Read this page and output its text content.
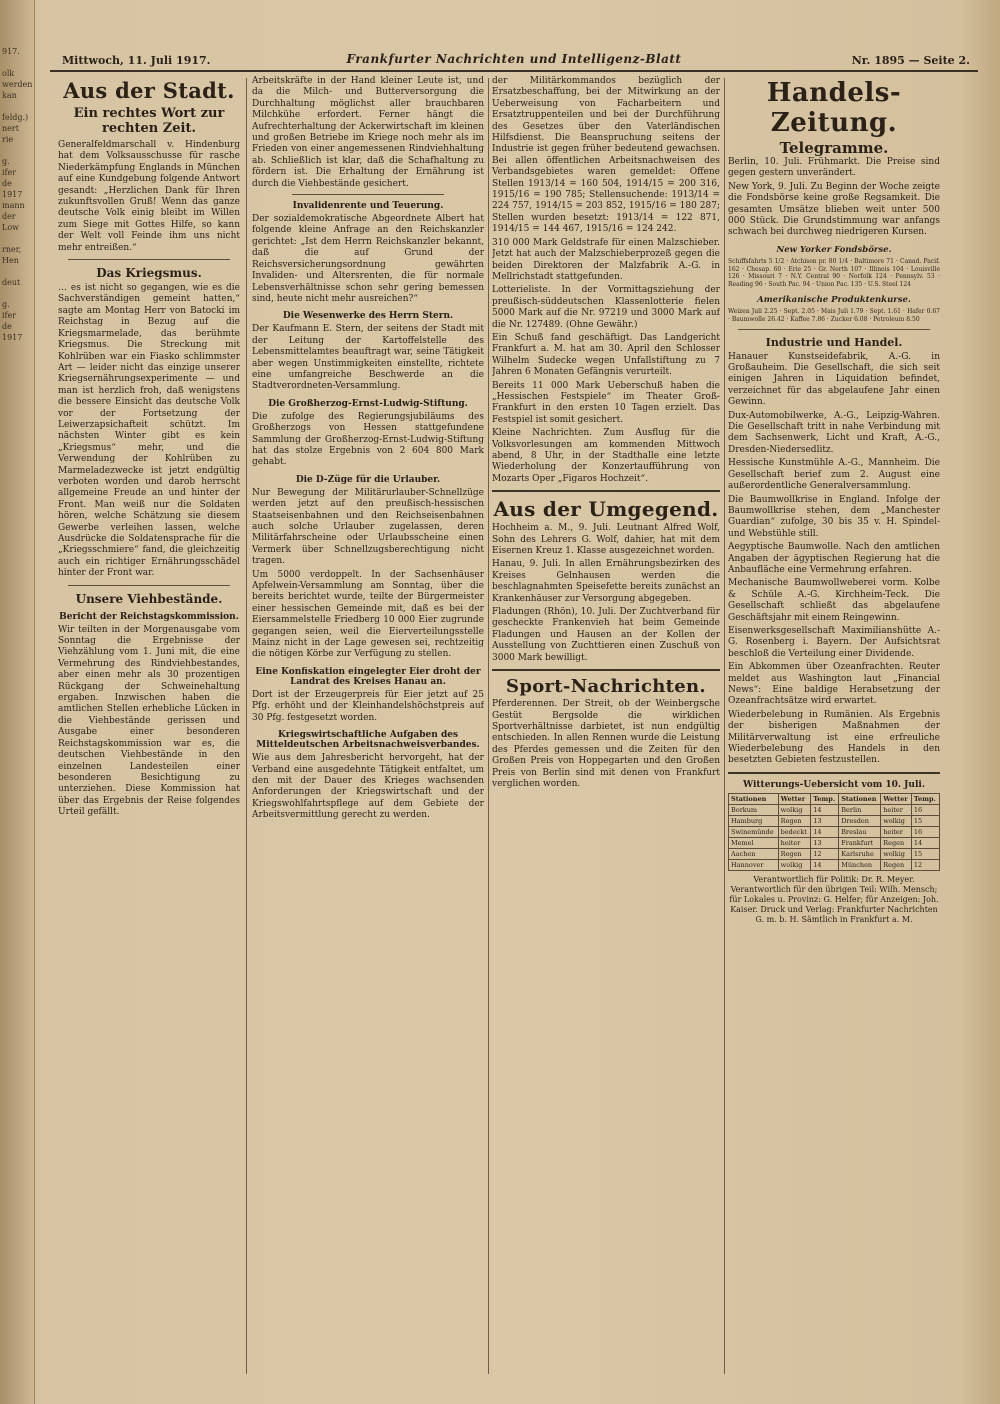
917.

olk
werden
kan

feldg.)
nert
rie

g.
ifer
de
1917
mann
der
Low

rner,
Hen

deut

g.
ifer
de
1917
Mittwoch, 11. Juli 1917.	Frankfurter Nachrichten und Intelligenz-Blatt	Nr. 1895 — Seite 2.
Aus der Stadt.
Ein rechtes Wort zur rechten Zeit.
Generalfeldmarschall v. Hindenburg hat dem Volksausschusse für rasche Niederkämpfung Englands in München auf eine Kundgebung folgende Antwort gesandt: „Herzlichen Dank für Ihren zukunftsvollen Gruß! Wenn das ganze deutsche Volk einig bleibt im Willen zum Siege mit Gottes Hilfe, so kann der Welt voll Feinde ihm uns nicht mehr entreißen.“
Das Kriegsmus.
… es ist nicht so gegangen, wie es die Sachverständigen gemeint hatten,“ sagte am Montag Herr von Batocki im Reichstag in Bezug auf die Kriegsmarmelade, das berühmte Kriegsmus. Die Streckung mit Kohlrüben war ein Fiasko schlimmster Art — leider nicht das einzige unserer Kriegsernährungsexperimente — und man ist herzlich froh, daß wenigstens die bessere Einsicht das deutsche Volk vor der Fortsetzung der Leiwerzapsichafteit schützt. Im nächsten Winter gibt es kein „Kriegsmus“ mehr, und die Verwendung der Kohlrüben zu Marmeladezwecke ist jetzt endgültig verboten worden und darob herrscht allgemeine Freude an und hinter der Front. Man weiß nur die Soldaten hören, welche Schätzung sie diesem Gewerbe verleihen lassen, welche Ausdrücke die Soldatensprache für die „Kriegsschmiere“ fand, die gleichzeitig auch ein richtiger Ernährungsschädel hinter der Front war.
Unsere Viehbestände.
Bericht der Reichstagskommission.
Wir teilten in der Morgenausgabe vom Sonntag die Ergebnisse der Viehzählung vom 1. Juni mit, die eine Vermehrung des Rindviehbestandes, aber einen mehr als 30 prozentigen Rückgang der Schweinehaltung ergaben. Inzwischen haben die amtlichen Stellen erhebliche Lücken in die Viehbestände gerissen und Ausgabe einer besonderen Reichstagskommission war es, die deutschen Viehbestände in den einzelnen Landesteilen einer besonderen Besichtigung zu unterziehen. Diese Kommission hat über das Ergebnis der Reise folgendes Urteil gefällt.
Arbeitskräfte in der Hand kleiner Leute ist, und da die Milch- und Butterversorgung die Durchhaltung möglichst aller brauchbaren Milchkühe erfordert. Ferner hängt die Aufrechterhaltung der Ackerwirtschaft im kleinen und großen Betriebe im Kriege noch mehr als im Frieden von einer angemessenen Rindviehhaltung ab. Schließlich ist klar, daß die Schafhaltung zu fördern ist. Die Erhaltung der Ernährung ist durch die Viehbestände gesichert.
Invalidenrente und Teuerung.
Der sozialdemokratische Abgeordnete Albert hat folgende kleine Anfrage an den Reichskanzler gerichtet: „Ist dem Herrn Reichskanzler bekannt, daß die auf Grund der Reichsversicherungsordnung gewährten Invaliden- und Altersrenten, die für normale Lebensverhältnisse schon sehr gering bemessen sind, heute nicht mehr ausreichen?“
Die Wesenwerke des Herrn Stern.
Der Kaufmann E. Stern, der seitens der Stadt mit der Leitung der Kartoffelstelle des Lebensmittelamtes beauftragt war, seine Tätigkeit aber wegen Unstimmigkeiten einstellte, richtete eine umfangreiche Beschwerde an die Stadtverordneten-Versammlung.
Die Großherzog-Ernst-Ludwig-Stiftung.
Die zufolge des Regierungsjubiläums des Großherzogs von Hessen stattgefundene Sammlung der Großherzog-Ernst-Ludwig-Stiftung hat das stolze Ergebnis von 2 604 800 Mark gehabt.
Die D-Züge für die Urlauber.
Nur Bewegung der Militärurlauber-Schnellzüge werden jetzt auf den preußisch-hessischen Staatseisenbahnen und den Reichseisenbahnen auch solche Urlauber zugelassen, deren Militärfahrscheine oder Urlaubsscheine einen Vermerk über Schnellzugsberechtigung nicht tragen.
Um 5000 verdoppelt. In der Sachsenhäuser Apfelwein-Versammlung am Sonntag, über die bereits berichtet wurde, teilte der Bürgermeister einer hessischen Gemeinde mit, daß es bei der Eiersammelstelle Friedberg 10 000 Eier zugrunde gegangen seien, weil die Eierverteilungsstelle Mainz nicht in der Lage gewesen sei, rechtzeitig die nötigen Körbe zur Verfügung zu stellen.
Eine Konfiskation eingelegter Eier droht der Landrat des Kreises Hanau an.
Dort ist der Erzeugerpreis für Eier jetzt auf 25 Pfg. erhöht und der Kleinhandelshöchstpreis auf 30 Pfg. festgesetzt worden.
Kriegswirtschaftliche Aufgaben des Mitteldeutschen Arbeitsnachweisverbandes.
Wie aus dem Jahresbericht hervorgeht, hat der Verband eine ausgedehnte Tätigkeit entfaltet, um den mit der Dauer des Krieges wachsenden Anforderungen der Kriegswirtschaft und der Kriegswohlfahrtspflege auf dem Gebiete der Arbeitsvermittlung gerecht zu werden.
der Militärkommandos bezüglich der Ersatzbeschaffung, bei der Mitwirkung an der Ueberweisung von Facharbeitern und Ersatztruppenteilen und bei der Durchführung des Gesetzes über den Vaterländischen Hilfsdienst. Die Beanspruchung seitens der Industrie ist gegen früher bedeutend gewachsen. Bei allen öffentlichen Arbeitsnachweisen des Verbandsgebietes waren gemeldet: Offene Stellen 1913/14 = 160 504, 1914/15 = 200 316, 1915/16 = 190 785; Stellensuchende: 1913/14 = 224 757, 1914/15 = 203 852, 1915/16 = 180 287; Stellen wurden besetzt: 1913/14 = 122 871, 1914/15 = 144 467, 1915/16 = 124 242.
310 000 Mark Geldstrafe für einen Malzschieber. Jetzt hat auch der Malzschieberprozeß gegen die beiden Direktoren der Malzfabrik A.-G. in Mellrichstadt stattgefunden.
Lotterieliste. In der Vormittagsziehung der preußisch-süddeutschen Klassenlotterie fielen 5000 Mark auf die Nr. 97219 und 3000 Mark auf die Nr. 127489. (Ohne Gewähr.)
Ein Schuß fand geschäftigt. Das Landgericht Frankfurt a. M. hat am 30. April den Schlosser Wilhelm Sudecke wegen Unfallstiftung zu 7 Jahren 6 Monaten Gefängnis verurteilt.
Bereits 11 000 Mark Ueberschuß haben die „Hessischen Festspiele“ im Theater Groß-Frankfurt in den ersten 10 Tagen erzielt. Das Festspiel ist somit gesichert.
Kleine Nachrichten. Zum Ausflug für die Volksvorlesungen am kommenden Mittwoch abend, 8 Uhr, in der Stadthalle eine letzte Wiederholung der Konzertaufführung von Mozarts Oper „Figaros Hochzeit“.
Aus der Umgegend.
Hochheim a. M., 9. Juli. Leutnant Alfred Wolf, Sohn des Lehrers G. Wolf, dahier, hat mit dem Eisernen Kreuz 1. Klasse ausgezeichnet worden.
Hanau, 9. Juli. In allen Ernährungsbezirken des Kreises Gelnhausen werden die beschlagnahmten Speisefette bereits zunächst an Krankenhäuser zur Versorgung abgegeben.
Fladungen (Rhön), 10. Juli. Der Zuchtverband für gescheckte Frankenvieh hat beim Gemeinde Fladungen und Hausen an der Kollen der Ausstellung von Zuchttieren einen Zuschuß von 3000 Mark bewilligt.
Sport-Nachrichten.
Pferderennen. Der Streit, ob der Weinbergsche Gestüt Bergsolde die wirklichen Sportverhältnisse darbietet, ist nun endgültig entschieden. In allen Rennen wurde die Leistung des Pferdes gemessen und die Zeiten für den Großen Preis von Hoppegarten und den Großen Preis von Berlin sind mit denen von Frankfurt verglichen worden.
Handels-Zeitung.
Telegramme.
Berlin, 10. Juli. Frühmarkt. Die Preise sind gegen gestern unverändert.
New York, 9. Juli. Zu Beginn der Woche zeigte die Fondsbörse keine große Regsamkeit. Die gesamten Umsätze blieben weit unter 500 000 Stück. Die Grundstimmung war anfangs schwach bei durchweg niedrigeren Kursen.
New Yorker Fondsbörse.
Schiffsfahrts 5 1/2 · Atchison pr. 80 1/4 · Baltimore 71 · Canad. Pacif. 162 · Chesap. 60 · Erie 25 · Gr. North 107 · Illinois 104 · Louisville 126 · Missouri 7 · N.Y. Central 90 · Norfolk 124 · Pennsylv. 53 · Reading 96 · South Pac. 94 · Union Pac. 135 · U.S. Steel 124
Amerikanische Produktenkurse.
Weizen Juli 2.25 · Sept. 2.05 · Mais Juli 1.79 · Sept. 1.61 · Hafer 0.67 · Baumwolle 26.42 · Kaffee 7.86 · Zucker 6.08 · Petroleum 8.50
Industrie und Handel.
Hanauer Kunstseidefabrik, A.-G. in Großauheim. Die Gesellschaft, die sich seit einigen Jahren in Liquidation befindet, verzeichnet für das abgelaufene Jahr einen Gewinn.
Dux-Automobilwerke, A.-G., Leipzig-Wahren. Die Gesellschaft tritt in nahe Verbindung mit dem Sachsenwerk, Licht und Kraft, A.-G., Dresden-Niedersedlitz.
Hessische Kunstmühle A.-G., Mannheim. Die Gesellschaft berief zum 2. August eine außerordentliche Generalversammlung.
Die Baumwollkrise in England. Infolge der Baumwollkrise stehen, dem „Manchester Guardian“ zufolge, 30 bis 35 v. H. Spindel- und Webstühle still.
Aegyptische Baumwolle. Nach den amtlichen Angaben der ägyptischen Regierung hat die Anbaufläche eine Vermehrung erfahren.
Mechanische Baumwollweberei vorm. Kolbe & Schüle A.-G. Kirchheim-Teck. Die Gesellschaft schließt das abgelaufene Geschäftsjahr mit einem Reingewinn.
Eisenwerksgesellschaft Maximilianshütte A.-G. Rosenberg i. Bayern. Der Aufsichtsrat beschloß die Verteilung einer Dividende.
Ein Abkommen über Ozeanfrachten. Reuter meldet aus Washington laut „Financial News“: Eine baldige Herabsetzung der Ozeanfrachtsätze wird erwartet.
Wiederbelebung in Rumänien. Als Ergebnis der bisherigen Maßnahmen der Militärverwaltung ist eine erfreuliche Wiederbelebung des Handels in den besetzten Gebieten festzustellen.
Witterungs-Uebersicht vom 10. Juli.
Stationen	Wetter	Temp.	Stationen	Wetter	Temp.
Borkum	wolkig	14	Berlin	heiter	16
Hamburg	Regen	13	Dresden	wolkig	15
Swinemünde	bedeckt	14	Breslau	heiter	16
Memel	heiter	13	Frankfurt	Regen	14
Aachen	Regen	12	Karlsruhe	wolkig	15
Hannover	wolkig	14	München	Regen	12
Verantwortlich für Politik: Dr. R. Meyer. Verantwortlich für den übrigen Teil: Wilh. Mensch; für Lokales u. Provinz: G. Helfer; für Anzeigen: Joh. Kaiser. Druck und Verlag: Frankfurter Nachrichten G. m. b. H. Sämtlich in Frankfurt a. M.
